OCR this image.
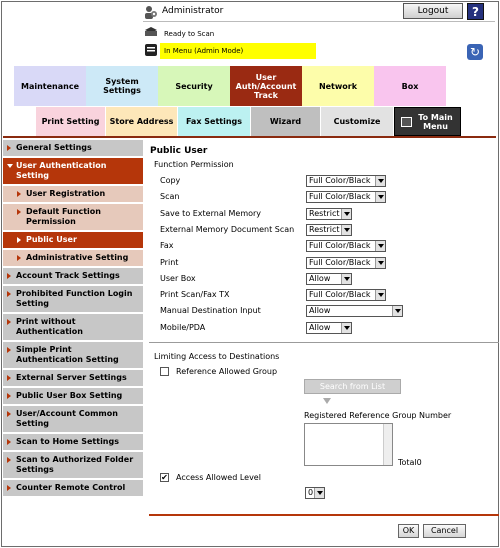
Administrator	Logout	?
Ready to Scan
In Menu (Admin Mode)	↻
Maintenance	System Settings	Security
User Auth/Account Track
Network	Box
Print Setting	Store Address	Fax Settings	Wizard	Customize	To Main Menu
General Settings
User Authentication Setting
User Registration
Default Function Permission
Public User
Administrative Setting
Account Track Settings
Prohibited Function Login Setting
Print without Authentication
Simple Print Authentication Setting
External Server Settings
Public User Box Setting
User/Account Common Setting
Scan to Home Settings
Scan to Authorized Folder Settings
Counter Remote Control
Public User
Function Permission
Copy	Full Color/Black
Scan	Full Color/Black
Save to External Memory	Restrict
External Memory Document Scan	Restrict
Fax	Full Color/Black
Print	Full Color/Black
User Box	Allow
Print Scan/Fax TX	Full Color/Black
Manual Destination Input	Allow
Mobile/PDA	Allow
Limiting Access to Destinations
Reference Allowed Group
Search from List
Registered Reference Group Number
Total0
✔ Access Allowed Level
0
OK	Cancel
